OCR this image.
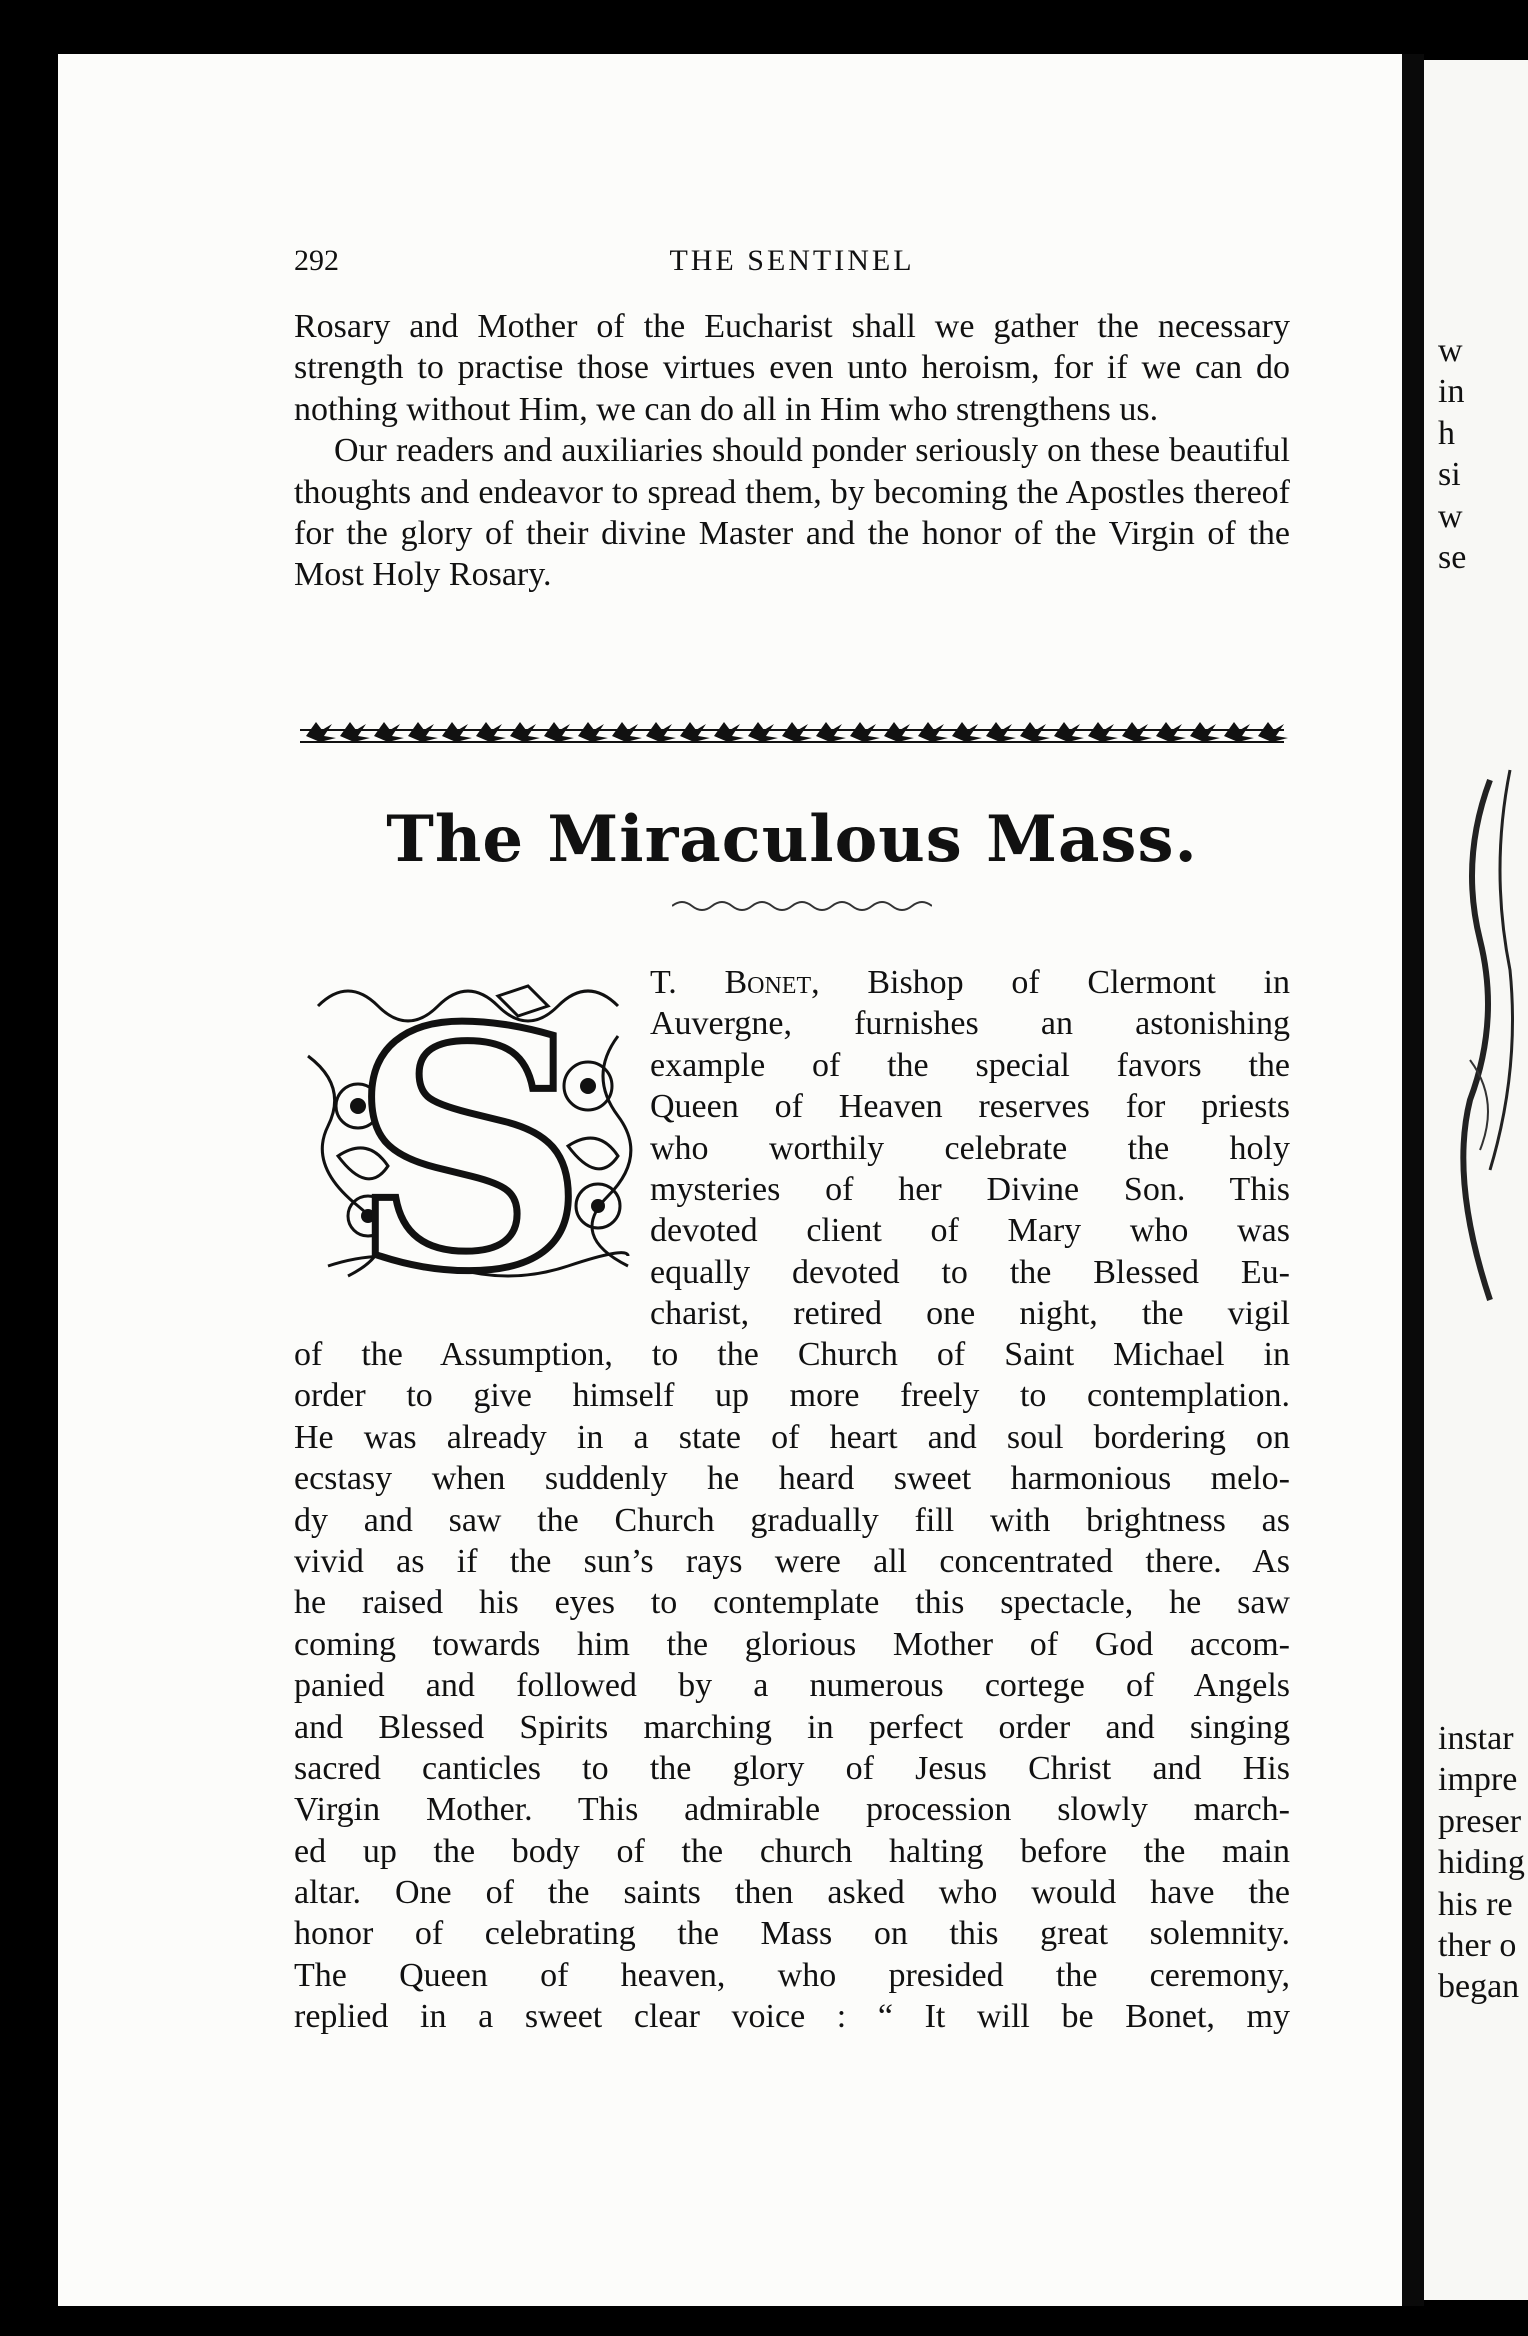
292	THE SENTINEL

Rosary and Mother of the Eucharist shall we gather the necessary strength to practise those virtues even unto heroism, for if we can do nothing without Him, we can do all in Him who strengthens us.

Our readers and auxiliaries should ponder seriously on these beautiful thoughts and endeavor to spread them, by becoming the Apostles thereof for the glory of their divine Master and the honor of the Virgin of the Most Holy Rosary.

The Miraculous Mass.
S T. Bonet, Bishop of Clermont in
Auvergne, furnishes an astonishing
example of the special favors the
Queen of Heaven reserves for priests
who worthily celebrate the holy
mysteries of her Divine Son. This
devoted client of Mary who was
equally devoted to the Blessed Eu-
charist, retired one night, the vigil
of the Assumption, to the Church of Saint Michael in
order to give himself up more freely to contemplation.
He was already in a state of heart and soul bordering on
ecstasy when suddenly he heard sweet harmonious melo-
dy and saw the Church gradually fill with brightness as
vivid as if the sun’s rays were all concentrated there. As
he raised his eyes to contemplate this spectacle, he saw
coming towards him the glorious Mother of God accom-
panied and followed by a numerous cortege of Angels
and Blessed Spirits marching in perfect order and singing
sacred canticles to the glory of Jesus Christ and His
Virgin Mother. This admirable procession slowly march-
ed up the body of the church halting before the main
altar. One of the saints then asked who would have the
honor of celebrating the Mass on this great solemnity.
The Queen of heaven, who presided the ceremony,
replied in a sweet clear voice : “ It will be Bonet, my
w
in
h
si
w
se
instar
impre
preser
hiding
his re
ther o
began
